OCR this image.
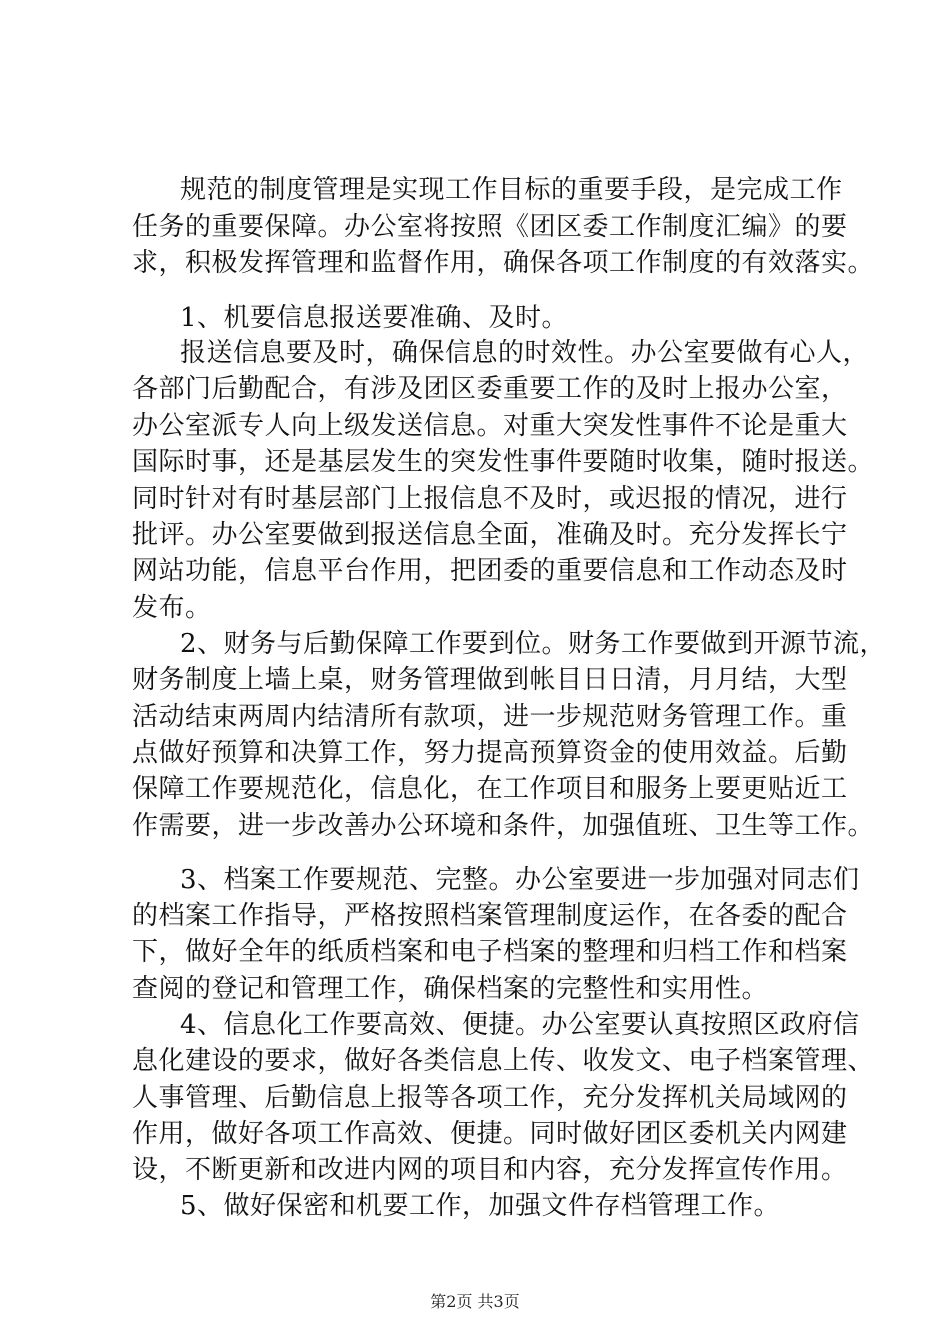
规范的制度管理是实现工作目标的重要手段，是完成工作
任务的重要保障。办公室将按照《团区委工作制度汇编》的要
求，积极发挥管理和监督作用，确保各项工作制度的有效落实。
1、机要信息报送要准确、及时。
报送信息要及时，确保信息的时效性。办公室要做有心人，
各部门后勤配合，有涉及团区委重要工作的及时上报办公室，
办公室派专人向上级发送信息。对重大突发性事件不论是重大
国际时事，还是基层发生的突发性事件要随时收集，随时报送。
同时针对有时基层部门上报信息不及时，或迟报的情况，进行
批评。办公室要做到报送信息全面，准确及时。充分发挥长宁
网站功能，信息平台作用，把团委的重要信息和工作动态及时
发布。
2、财务与后勤保障工作要到位。财务工作要做到开源节流，
财务制度上墙上桌，财务管理做到帐目日日清，月月结，大型
活动结束两周内结清所有款项，进一步规范财务管理工作。重
点做好预算和决算工作，努力提高预算资金的使用效益。后勤
保障工作要规范化，信息化，在工作项目和服务上要更贴近工
作需要，进一步改善办公环境和条件，加强值班、卫生等工作。
3、档案工作要规范、完整。办公室要进一步加强对同志们
的档案工作指导，严格按照档案管理制度运作，在各委的配合
下，做好全年的纸质档案和电子档案的整理和归档工作和档案
查阅的登记和管理工作，确保档案的完整性和实用性。
4、信息化工作要高效、便捷。办公室要认真按照区政府信
息化建设的要求，做好各类信息上传、收发文、电子档案管理、
人事管理、后勤信息上报等各项工作，充分发挥机关局域网的
作用，做好各项工作高效、便捷。同时做好团区委机关内网建
设，不断更新和改进内网的项目和内容，充分发挥宣传作用。
5、做好保密和机要工作，加强文件存档管理工作。
第2页 共3页
